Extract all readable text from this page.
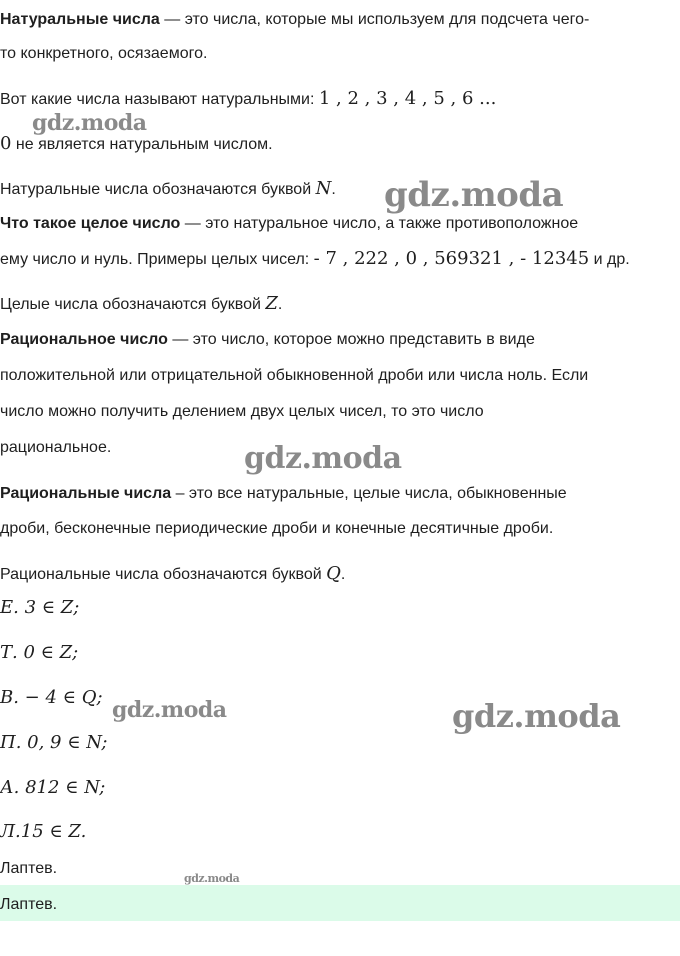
Натуральные числа — это числа, которые мы используем для подсчета чего-
то конкретного, осязаемого.
Вот какие числа называют натуральными: 1 , 2 , 3 , 4 , 5 , 6 ...
0 не является натуральным числом.
Натуральные числа обозначаются буквой N.
Что такое целое число — это натуральное число, а также противоположное
ему число и нуль. Примеры целых чисел: - 7 , 222 , 0 , 569321 , - 12345 и др.
Целые числа обозначаются буквой Z.
Рациональное число — это число, которое можно представить в виде
положительной или отрицательной обыкновенной дроби или числа ноль. Если
число можно получить делением двух целых чисел, то это число
рациональное.
Рациональные числа – это все натуральные, целые числа, обыкновенные
дроби, бесконечные периодические дроби и конечные десятичные дроби.
Рациональные числа обозначаются буквой Q.
Е. 3 ∈ Z;
Т. 0 ∈ Z;
В. − 4 ∈ Q;
П. 0, 9 ∈ N;
А. 812 ∈ N;
Л.15 ∈ Z.
Лаптев.
Лаптев.
gdz.moda
gdz.moda
gdz.moda
gdz.moda	gdz.moda
gdz.moda
